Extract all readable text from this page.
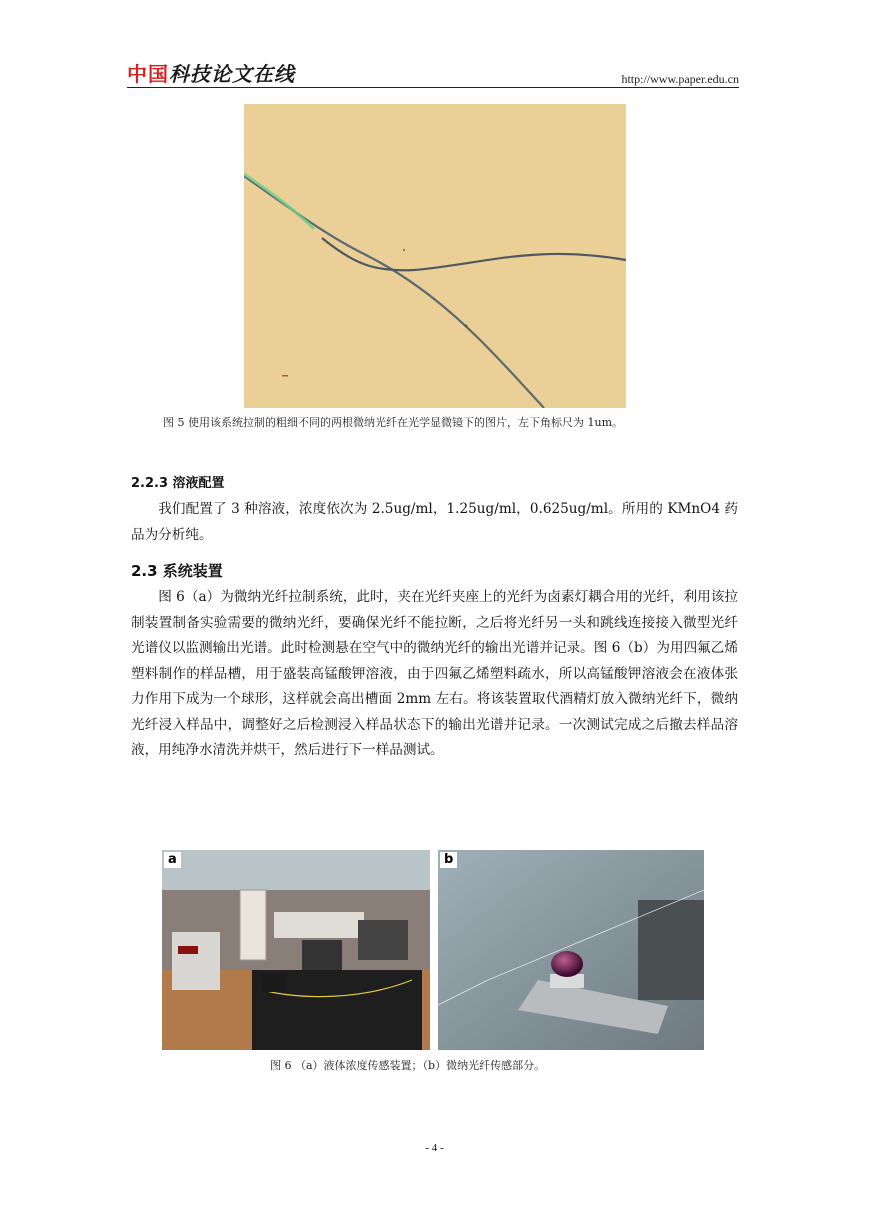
中国 科技论文在线	http://www.paper.edu.cn
图 5 使用该系统拉制的粗细不同的两根微纳光纤在光学显微镜下的图片，左下角标尺为 1um。
2.2.3 溶液配置
我们配置了 3 种溶液，浓度依次为 2.5ug/ml，1.25ug/ml，0.625ug/ml。所用的 KMnO4 药品为分析纯。
2.3 系统装置
图 6（a）为微纳光纤拉制系统，此时，夹在光纤夹座上的光纤为卤素灯耦合用的光纤，利用该拉制装置制备实验需要的微纳光纤，要确保光纤不能拉断，之后将光纤另一头和跳线连接接入微型光纤光谱仪以监测输出光谱。此时检测悬在空气中的微纳光纤的输出光谱并记录。图 6（b）为用四氟乙烯塑料制作的样品槽，用于盛装高锰酸钾溶液，由于四氟乙烯塑料疏水，所以高锰酸钾溶液会在液体张力作用下成为一个球形，这样就会高出槽面 2mm 左右。将该装置取代酒精灯放入微纳光纤下，微纳光纤浸入样品中，调整好之后检测浸入样品状态下的输出光谱并记录。一次测试完成之后撤去样品溶液，用纯净水清洗并烘干，然后进行下一样品测试。
a	b
图 6 （a）液体浓度传感装置；（b）微纳光纤传感部分。
- 4 -
